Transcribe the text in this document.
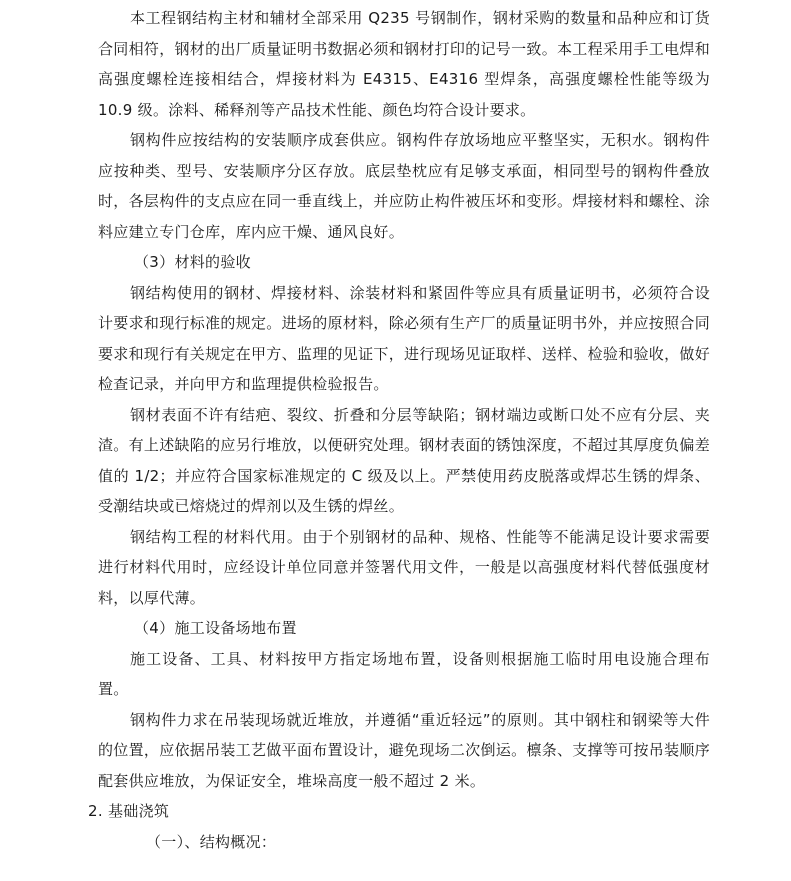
本工程钢结构主材和辅材全部采用 Q235 号钢制作，钢材采购的数量和品种应和订货合同相符，钢材的出厂质量证明书数据必须和钢材打印的记号一致。本工程采用手工电焊和高强度螺栓连接相结合，焊接材料为 E4315、E4316 型焊条，高强度螺栓性能等级为 10.9 级。涂料、稀释剂等产品技术性能、颜色均符合设计要求。

钢构件应按结构的安装顺序成套供应。钢构件存放场地应平整坚实，无积水。钢构件应按种类、型号、安装顺序分区存放。底层垫枕应有足够支承面，相同型号的钢构件叠放时，各层构件的支点应在同一垂直线上，并应防止构件被压坏和变形。焊接材料和螺栓、涂料应建立专门仓库，库内应干燥、通风良好。

（3）材料的验收

钢结构使用的钢材、焊接材料、涂装材料和紧固件等应具有质量证明书，必须符合设计要求和现行标准的规定。进场的原材料，除必须有生产厂的质量证明书外，并应按照合同要求和现行有关规定在甲方、监理的见证下，进行现场见证取样、送样、检验和验收，做好检查记录，并向甲方和监理提供检验报告。

钢材表面不许有结疤、裂纹、折叠和分层等缺陷；钢材端边或断口处不应有分层、夹渣。有上述缺陷的应另行堆放，以便研究处理。钢材表面的锈蚀深度，不超过其厚度负偏差值的 1/2；并应符合国家标准规定的 C 级及以上。严禁使用药皮脱落或焊芯生锈的焊条、受潮结块或已熔烧过的焊剂以及生锈的焊丝。

钢结构工程的材料代用。由于个别钢材的品种、规格、性能等不能满足设计要求需要进行材料代用时，应经设计单位同意并签署代用文件，一般是以高强度材料代替低强度材料，以厚代薄。

（4）施工设备场地布置

施工设备、工具、材料按甲方指定场地布置，设备则根据施工临时用电设施合理布置。

钢构件力求在吊装现场就近堆放，并遵循“重近轻远”的原则。其中钢柱和钢梁等大件的位置，应依据吊装工艺做平面布置设计，避免现场二次倒运。檩条、支撑等可按吊装顺序配套供应堆放，为保证安全，堆垛高度一般不超过 2 米。

2. 基础浇筑

（一）、结构概况：
